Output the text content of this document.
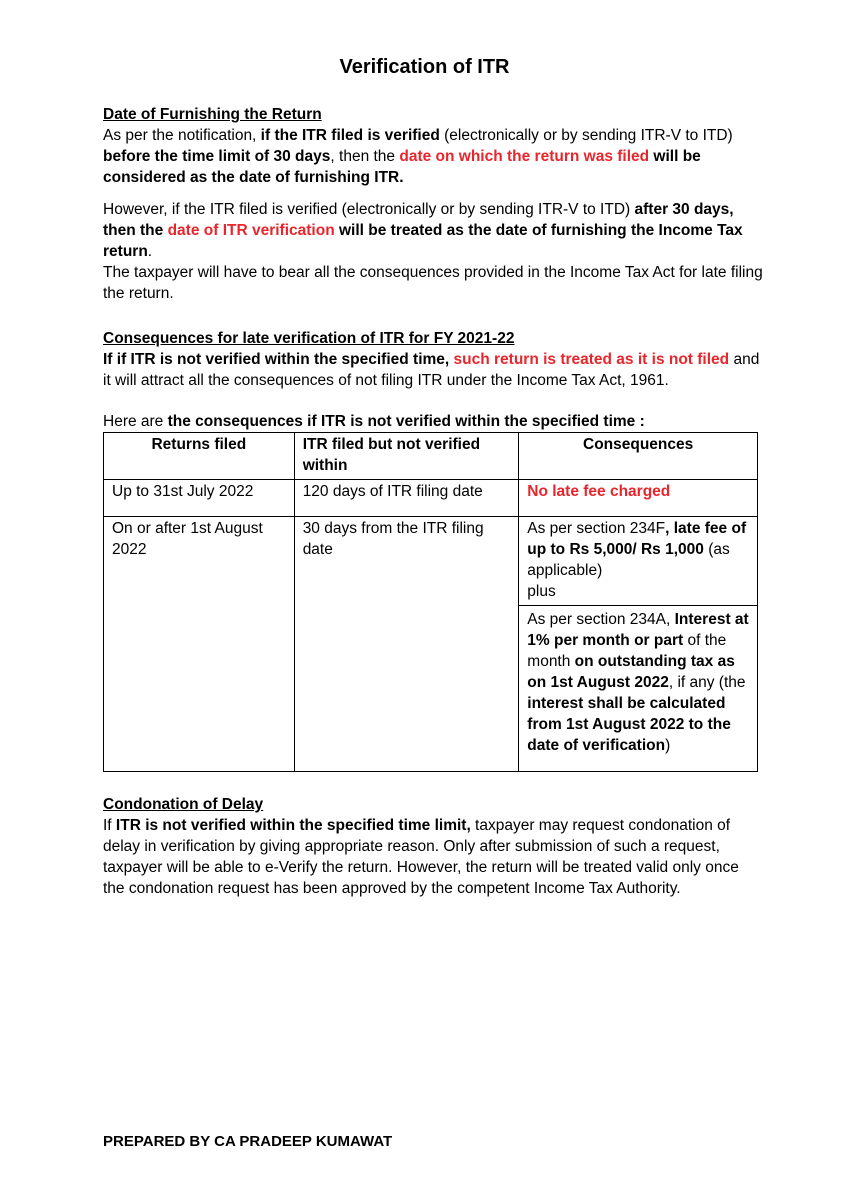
Verification of ITR

Date of Furnishing the Return

As per the notification, if the ITR filed is verified (electronically or by sending ITR-V to ITD) before the time limit of 30 days, then the date on which the return was filed will be considered as the date of furnishing ITR.

However, if the ITR filed is verified (electronically or by sending ITR-V to ITD) after 30 days, then the date of ITR verification will be treated as the date of furnishing the Income Tax return.

The taxpayer will have to bear all the consequences provided in the Income Tax Act for late filing the return.

Consequences for late verification of ITR for FY 2021-22

If if ITR is not verified within the specified time, such return is treated as it is not filed and it will attract all the consequences of not filing ITR under the Income Tax Act, 1961.

Here are the consequences if ITR is not verified within the specified time :

Returns filed	ITR filed but not verified within	Consequences
Up to 31st July 2022	120 days of ITR filing date	No late fee charged
On or after 1st August 2022	30 days from the ITR filing date	As per section 234F, late fee of up to Rs 5,000/ Rs 1,000 (as applicable)
plus
As per section 234A, Interest at 1% per month or part of the month on outstanding tax as on 1st August 2022, if any (the interest shall be calculated from 1st August 2022 to the date of verification)

Condonation of Delay

If ITR is not verified within the specified time limit, taxpayer may request condonation of delay in verification by giving appropriate reason. Only after submission of such a request, taxpayer will be able to e-Verify the return. However, the return will be treated valid only once the condonation request has been approved by the competent Income Tax Authority.

PREPARED BY CA PRADEEP KUMAWAT
